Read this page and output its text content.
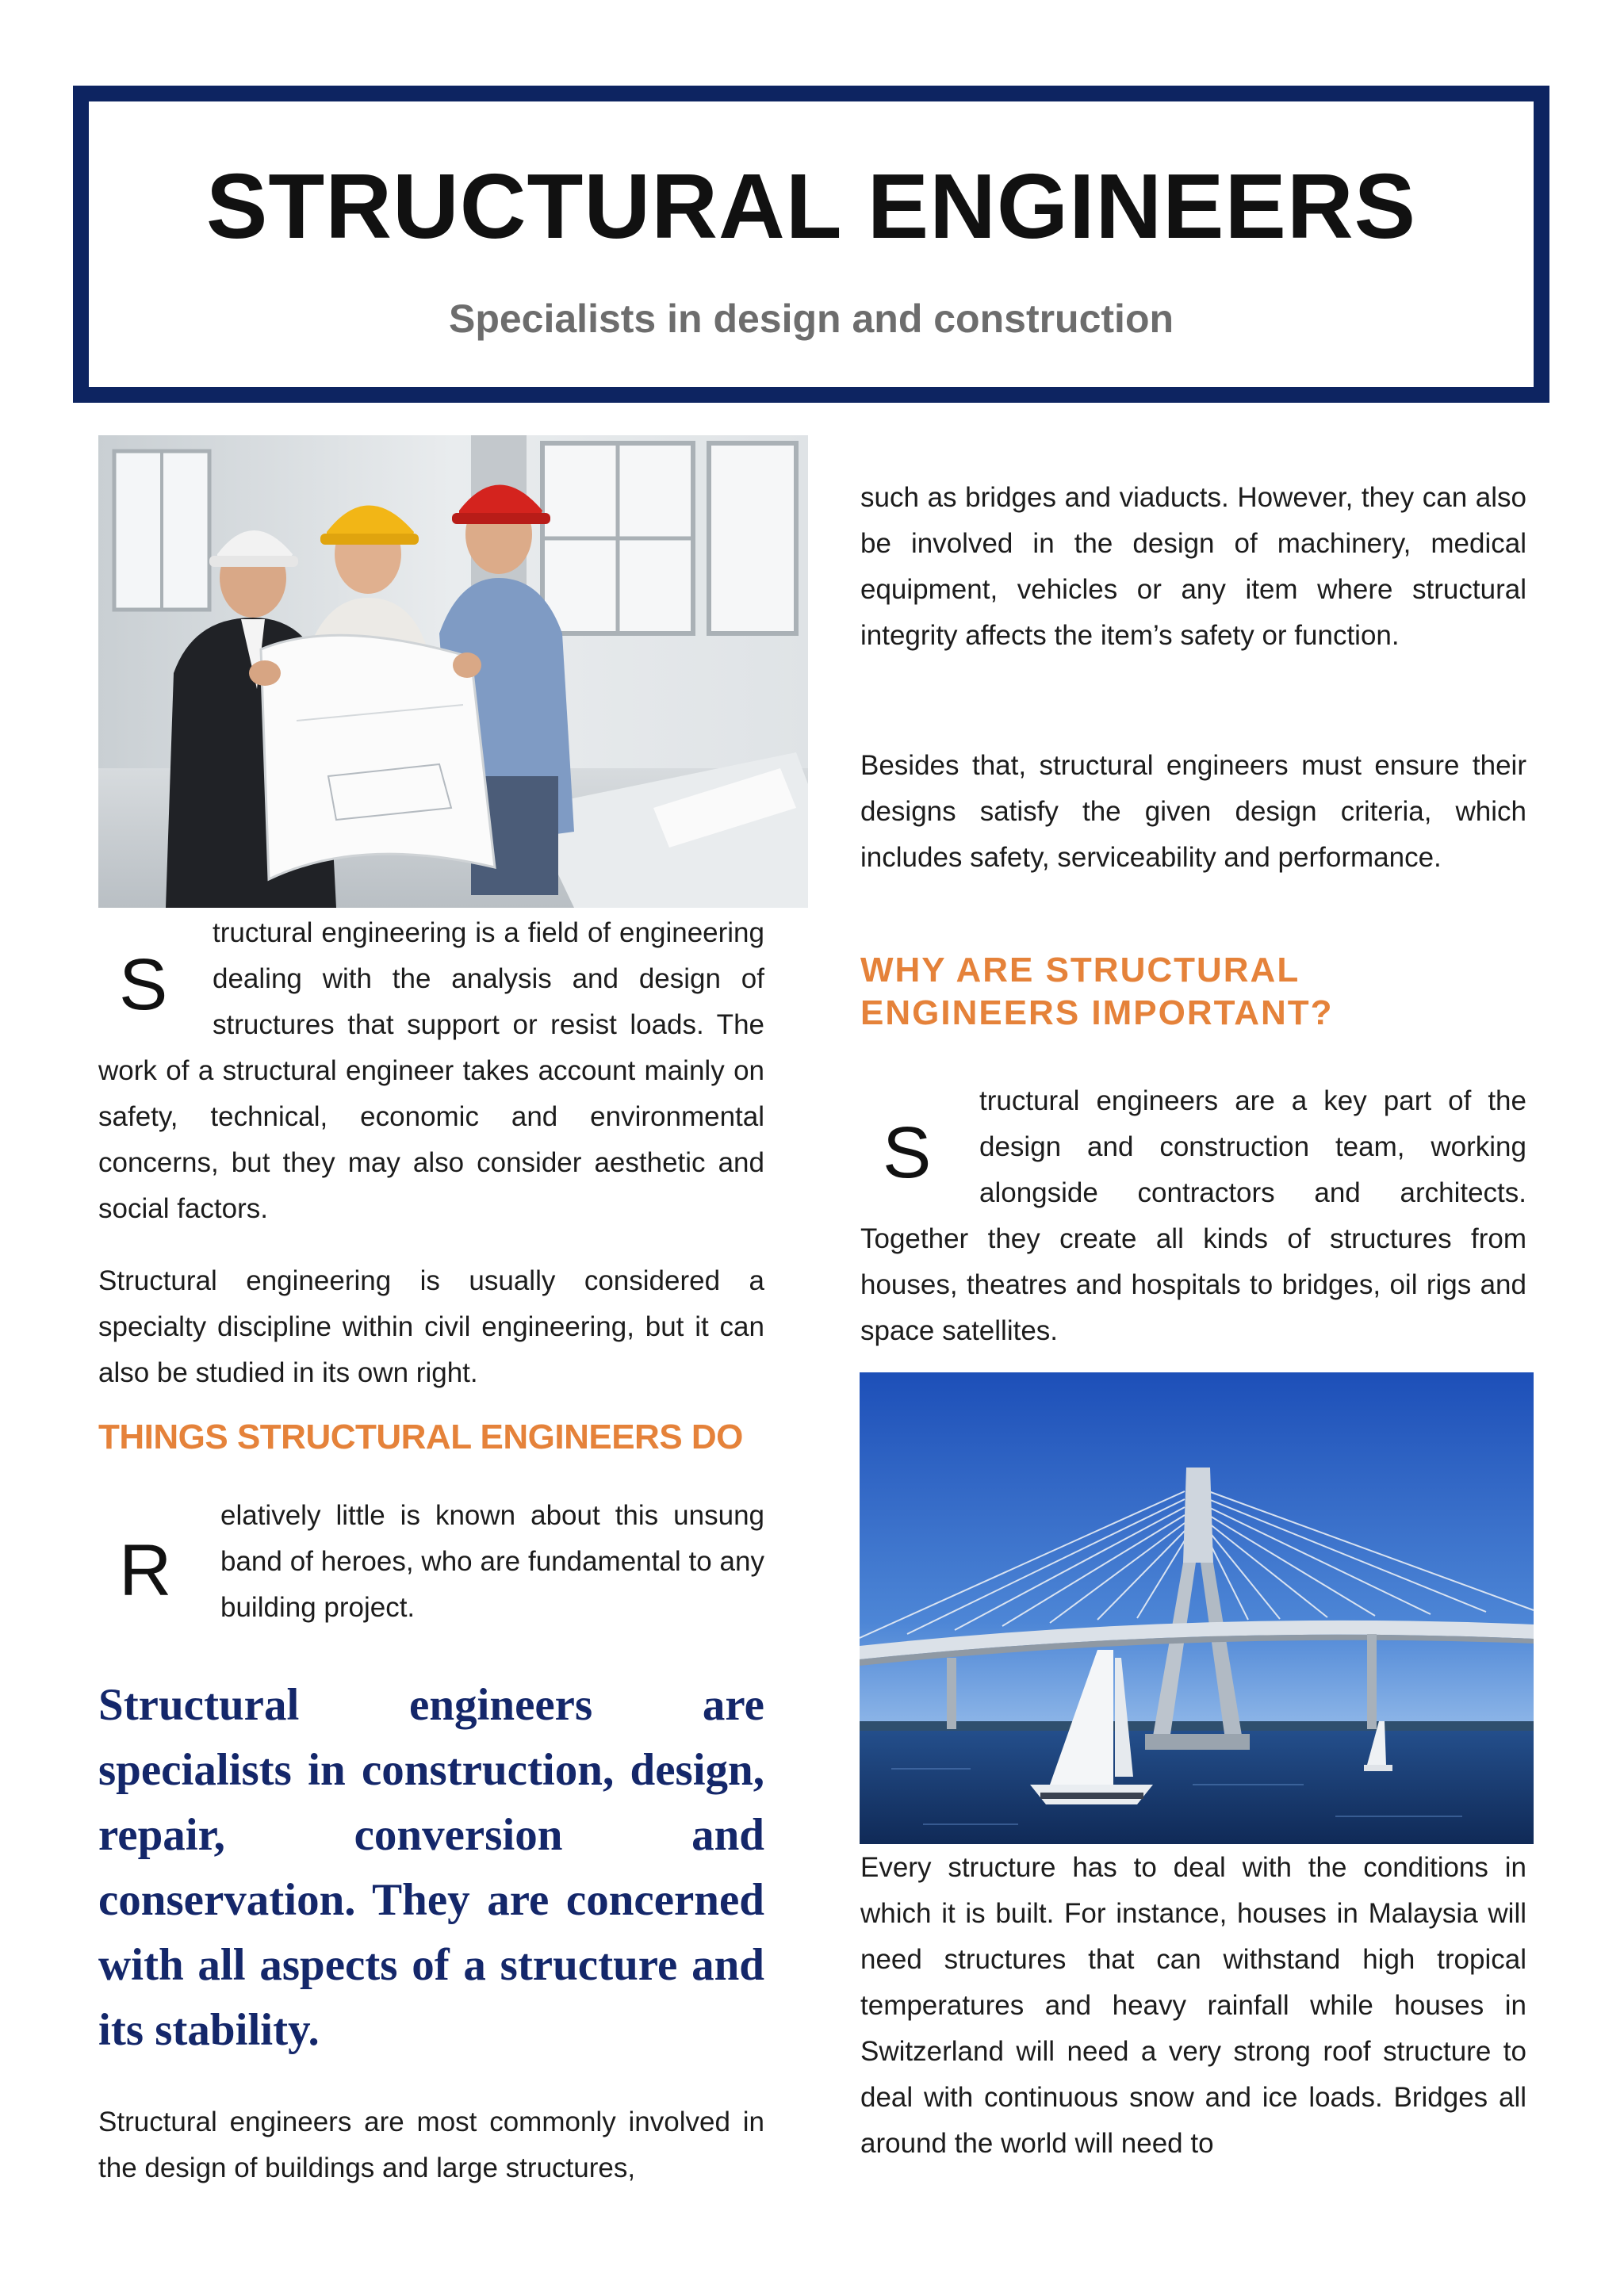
STRUCTURAL ENGINEERS
Specialists in design and construction
S

tructural engineering is a field of engineering dealing with the analysis and design of structures that support or resist loads. The work of a structural engineer takes account mainly on safety, technical, economic and environmental concerns, but they may also consider aesthetic and social factors.

Structural engineering is usually considered a specialty discipline within civil engineering, but it can also be studied in its own right.

THINGS STRUCTURAL ENGINEERS DO
R

elatively little is known about this unsung band of heroes, who are fundamental to any building project.

Structural engineers are specialists in construction, design, repair, conversion and conservation. They are concerned with all aspects of a structure and its stability.

Structural engineers are most commonly involved in the design of buildings and large structures,

such as bridges and viaducts. However, they can also be involved in the design of machinery, medical equipment, vehicles or any item where structural integrity affects the item’s safety or function.

Besides that, structural engineers must ensure their designs satisfy the given design criteria, which includes safety, serviceability and performance.

WHY ARE STRUCTURAL ENGINEERS IMPORTANT?
S

tructural engineers are a key part of the design and construction team, working alongside contractors and architects. Together they create all kinds of structures from houses, theatres and hospitals to bridges, oil rigs and space satellites.

Every structure has to deal with the conditions in which it is built. For instance, houses in Malaysia will need structures that can withstand high tropical temperatures and heavy rainfall while houses in Switzerland will need a very strong roof structure to deal with continuous snow and ice loads. Bridges all around the world will need to
